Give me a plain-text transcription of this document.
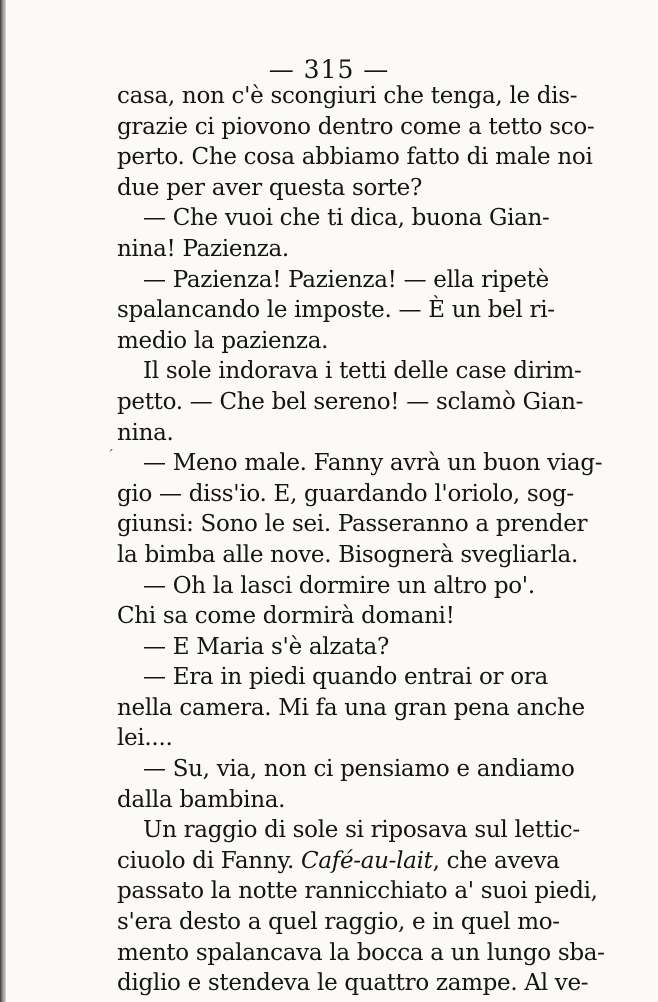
— 315 —
ˊ
casa, non c'è scongiuri che tenga, le dis-
grazie ci piovono dentro come a tetto sco-
perto. Che cosa abbiamo fatto di male noi
due per aver questa sorte?
— Che vuoi che ti dica, buona Gian-
nina! Pazienza.
— Pazienza! Pazienza! — ella ripetè
spalancando le imposte. — È un bel ri-
medio la pazienza.
Il sole indorava i tetti delle case dirim-
petto. — Che bel sereno! — sclamò Gian-
nina.
— Meno male. Fanny avrà un buon viag-
gio — diss'io. E, guardando l'oriolo, sog-
giunsi: Sono le sei. Passeranno a prender
la bimba alle nove. Bisognerà svegliarla.
— Oh la lasci dormire un altro po'.
Chi sa come dormirà domani!
— E Maria s'è alzata?
— Era in piedi quando entrai or ora
nella camera. Mi fa una gran pena anche
lei....
— Su, via, non ci pensiamo e andiamo
dalla bambina.
Un raggio di sole si riposava sul lettic-
ciuolo di Fanny. Café-au-lait, che aveva
passato la notte rannicchiato a' suoi piedi,
s'era desto a quel raggio, e in quel mo-
mento spalancava la bocca a un lungo sba-
diglio e stendeva le quattro zampe. Al ve-
